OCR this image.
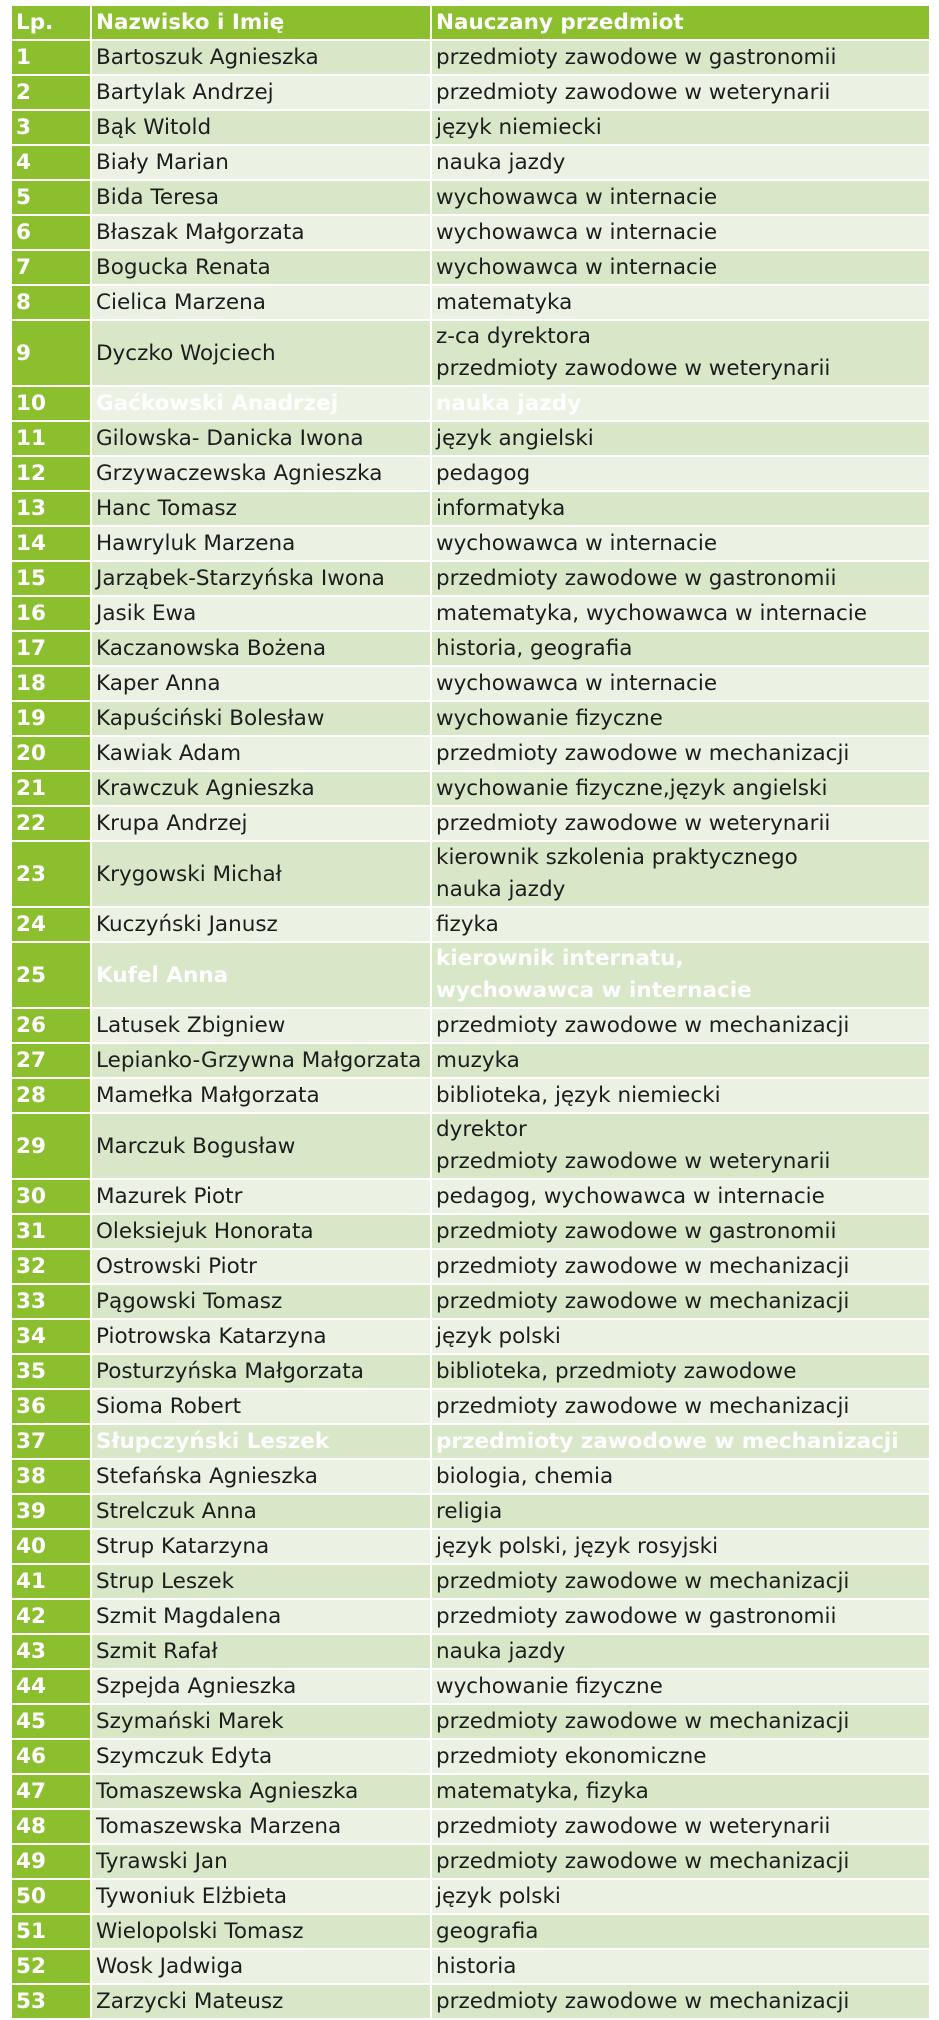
Lp.	Nazwisko i Imię	Nauczany przedmiot
1	Bartoszuk Agnieszka	przedmioty zawodowe w gastronomii

2	Bartylak Andrzej	przedmioty zawodowe w weterynarii

3	Bąk Witold	język niemiecki

4	Biały Marian	nauka jazdy

5	Bida Teresa	wychowawca w internacie

6	Błaszak Małgorzata	wychowawca w internacie

7	Bogucka Renata	wychowawca w internacie

8	Cielica Marzena	matematyka

9	Dyczko Wojciech	z-ca dyrektora
przedmioty zawodowe w weterynarii

10	Gaćkowski Anadrzej	nauka jazdy

11	Gilowska- Danicka Iwona	język angielski

12	Grzywaczewska Agnieszka	pedagog

13	Hanc Tomasz	informatyka

14	Hawryluk Marzena	wychowawca w internacie

15	Jarząbek-Starzyńska Iwona	przedmioty zawodowe w gastronomii

16	Jasik Ewa	matematyka, wychowawca w internacie

17	Kaczanowska Bożena	historia, geografia

18	Kaper Anna	wychowawca w internacie

19	Kapuściński Bolesław	wychowanie fizyczne

20	Kawiak Adam	przedmioty zawodowe w mechanizacji

21	Krawczuk Agnieszka	wychowanie fizyczne,język angielski

22	Krupa Andrzej	przedmioty zawodowe w weterynarii

23	Krygowski Michał	kierownik szkolenia praktycznego
nauka jazdy

24	Kuczyński Janusz	fizyka

25	Kufel Anna	kierownik internatu,
wychowawca w internacie

26	Latusek Zbigniew	przedmioty zawodowe w mechanizacji

27	Lepianko-Grzywna Małgorzata	muzyka

28	Mamełka Małgorzata	biblioteka, język niemiecki

29	Marczuk Bogusław	dyrektor
przedmioty zawodowe w weterynarii

30	Mazurek Piotr	pedagog, wychowawca w internacie

31	Oleksiejuk Honorata	przedmioty zawodowe w gastronomii

32	Ostrowski Piotr	przedmioty zawodowe w mechanizacji

33	Pągowski Tomasz	przedmioty zawodowe w mechanizacji

34	Piotrowska Katarzyna	język polski

35	Posturzyńska Małgorzata	biblioteka, przedmioty zawodowe

36	Sioma Robert	przedmioty zawodowe w mechanizacji

37	Słupczyński Leszek	przedmioty zawodowe w mechanizacji

38	Stefańska Agnieszka	biologia, chemia

39	Strelczuk Anna	religia

40	Strup Katarzyna	język polski, język rosyjski

41	Strup Leszek	przedmioty zawodowe w mechanizacji

42	Szmit Magdalena	przedmioty zawodowe w gastronomii

43	Szmit Rafał	nauka jazdy

44	Szpejda Agnieszka	wychowanie fizyczne

45	Szymański Marek	przedmioty zawodowe w mechanizacji

46	Szymczuk Edyta	przedmioty ekonomiczne

47	Tomaszewska Agnieszka	matematyka, fizyka

48	Tomaszewska Marzena	przedmioty zawodowe w weterynarii

49	Tyrawski Jan	przedmioty zawodowe w mechanizacji

50	Tywoniuk Elżbieta	język polski

51	Wielopolski Tomasz	geografia

52	Wosk Jadwiga	historia

53	Zarzycki Mateusz	przedmioty zawodowe w mechanizacji
